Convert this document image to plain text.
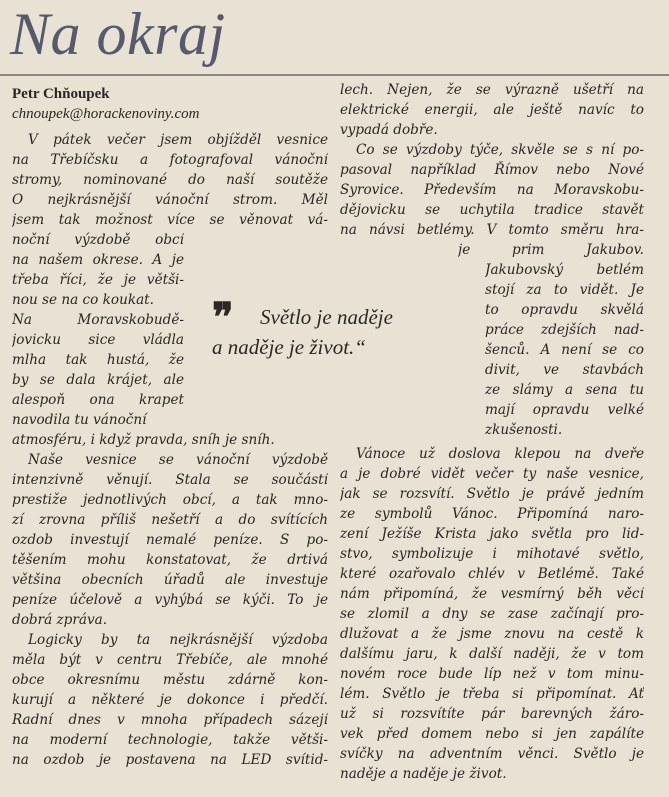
Na okraj
Petr Chňoupek
chnoupek@horackenoviny.com
V pátek večer jsem objížděl vesnice
na Třebíčsku a fotografoval vánoční
stromy, nominované do naší soutěže
O nejkrásnější vánoční strom. Měl
jsem tak možnost více se věnovat vá-
noční výzdobě obcí
na našem okrese. A je
třeba říci, že je větši-
nou se na co koukat.
Na Moravskobudě-
jovicku sice vládla
mlha tak hustá, že
by se dala krájet, ale
alespoň ona krapet
navodila tu vánoční
atmosféru, i když pravda, sníh je sníh.
Naše vesnice se vánoční výzdobě
intenzivně věnují. Stala se součástí
prestiže jednotlivých obcí, a tak mno-
zí zrovna příliš nešetří a do svítících
ozdob investují nemalé peníze. S po-
těšením mohu konstatovat, že drtivá
většina obecních úřadů ale investuje
peníze účelově a vyhýbá se kýči. To je
dobrá zpráva.
Logicky by ta nejkrásnější výzdoba
měla být v centru Třebíče, ale mnohé
obce okresnímu městu zdárně kon-
kurují a některé je dokonce i předčí.
Radní dnes v mnoha případech sázejí
na moderní technologie, takže větši-
na ozdob je postavena na LED svítid-
lech. Nejen, že se výrazně ušetří na
elektrické energii, ale ještě navíc to
vypadá dobře.
Co se výzdoby týče, skvěle se s ní po-
pasoval například Římov nebo Nové
Syrovice. Především na Moravskobu-
dějovicku se uchytila tradice stavět
na návsi betlémy. V tomto směru hra-
je prim Jakubov.
Jakubovský betlém
stojí za to vidět. Je
to opravdu skvělá
práce zdejších nad-
šenců. A není se co
divit, ve stavbách
ze slámy a sena tu
mají opravdu velké
zkušenosti.
Vánoce už doslova klepou na dveře
a je dobré vidět večer ty naše vesnice,
jak se rozsvítí. Světlo je právě jedním
ze symbolů Vánoc. Připomíná naro-
zení Ježíše Krista jako světla pro lid-
stvo, symbolizuje i mihotavé světlo,
které ozařovalo chlév v Betlémě. Také
nám připomíná, že vesmírný běh věcí
se zlomil a dny se zase začínají pro-
dlužovat a že jsme znovu na cestě k
dalšímu jaru, k další naději, že v tom
novém roce bude líp než v tom minu-
lém. Světlo je třeba si připomínat. Ať
už si rozsvítíte pár barevných žáro-
vek před domem nebo si jen zapálíte
svíčky na adventním věnci. Světlo je
naděje a naděje je život.
❞ Světlo je naděje
a naděje je život.“
